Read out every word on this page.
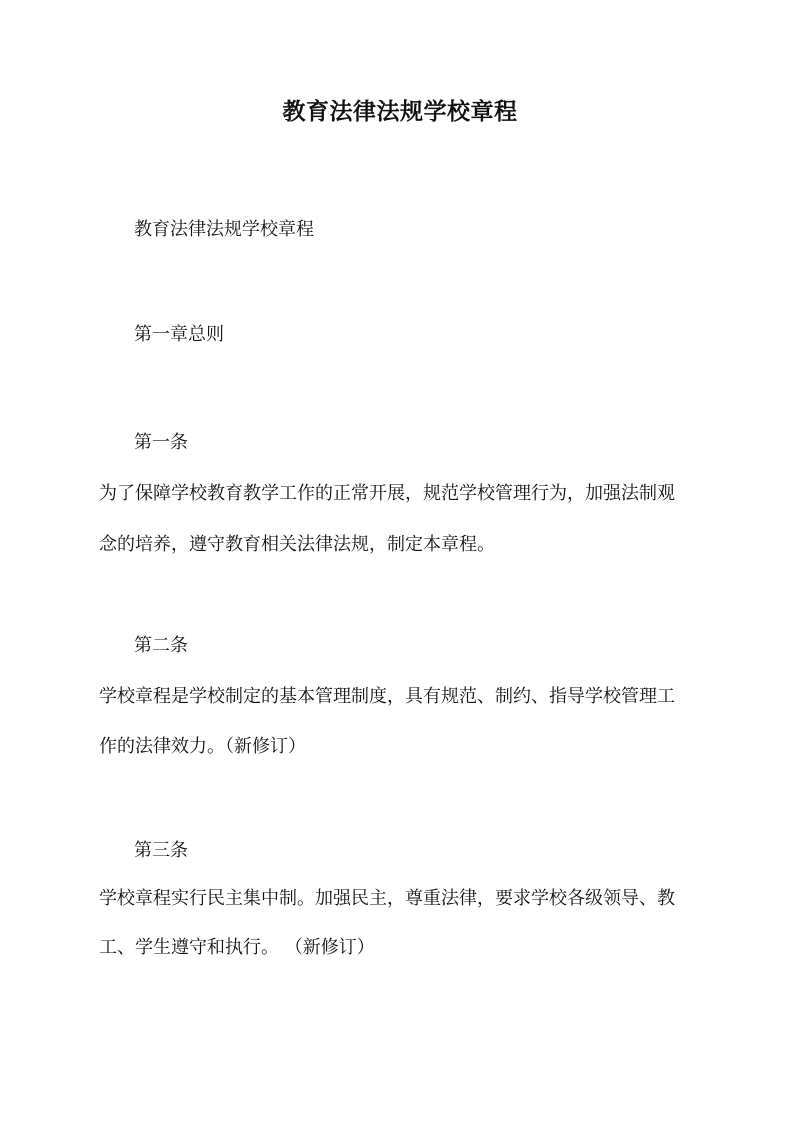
教育法律法规学校章程
教育法律法规学校章程
第一章总则
第一条
为了保障学校教育教学工作的正常开展，规范学校管理行为，加强法制观
念的培养，遵守教育相关法律法规，制定本章程。
第二条
学校章程是学校制定的基本管理制度，具有规范、制约、指导学校管理工
作的法律效力。（新修订）
第三条
学校章程实行民主集中制。加强民主，尊重法律，要求学校各级领导、教
工、学生遵守和执行。 （新修订）
